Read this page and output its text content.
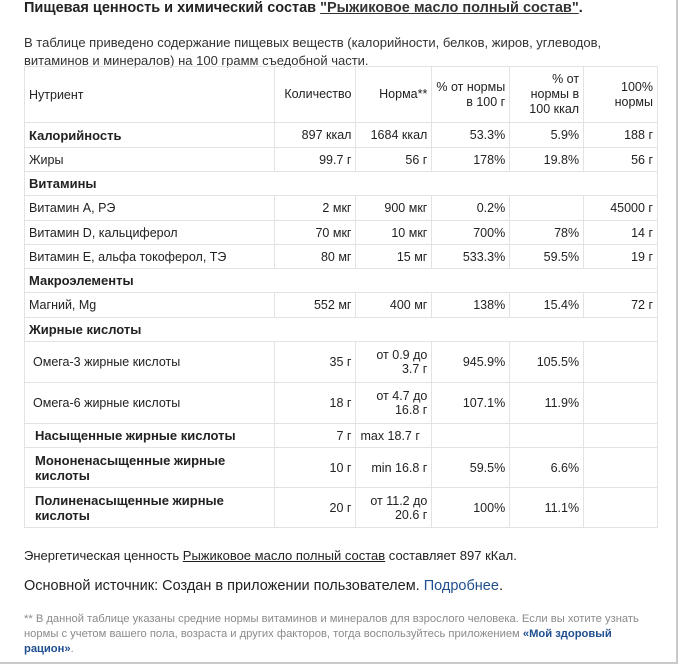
Пищевая ценность и химический состав "Рыжиковое масло полный состав".
В таблице приведено содержание пищевых веществ (калорийности, белков, жиров, углеводов, витаминов и минералов) на 100 грамм съедобной части.
Нутриент	Количество	Норма**	% от нормы в 100 г	% от нормы в 100 ккал	100% нормы
Калорийность	897 ккал	1684 ккал	53.3%	5.9%	188 г
Жиры	99.7 г	56 г	178%	19.8%	56 г
Витамины					
Витамин А, РЭ	2 мкг	900 мкг	0.2%		45000 г
Витамин D, кальциферол	70 мкг	10 мкг	700%	78%	14 г
Витамин E, альфа токоферол, ТЭ	80 мг	15 мг	533.3%	59.5%	19 г
Макроэлементы					
Магний, Mg	552 мг	400 мг	138%	15.4%	72 г
Жирные кислоты					
Омега-3 жирные кислоты	35 г	от 0.9 до 3.7 г	945.9%	105.5%	
Омега-6 жирные кислоты	18 г	от 4.7 до 16.8 г	107.1%	11.9%	
Насыщенные жирные кислоты	7 г	max 18.7 г			
Мононенасыщенные жирные кислоты	10 г	min 16.8 г	59.5%	6.6%	
Полиненасыщенные жирные кислоты	20 г	от 11.2 до 20.6 г	100%	11.1%	
Энергетическая ценность Рыжиковое масло полный состав составляет 897 кКал.
Основной источник: Создан в приложении пользователем. Подробнее.
** В данной таблице указаны средние нормы витаминов и минералов для взрослого человека. Если вы хотите узнать нормы с учетом вашего пола, возраста и других факторов, тогда воспользуйтесь приложением «Мой здоровый рацион».
